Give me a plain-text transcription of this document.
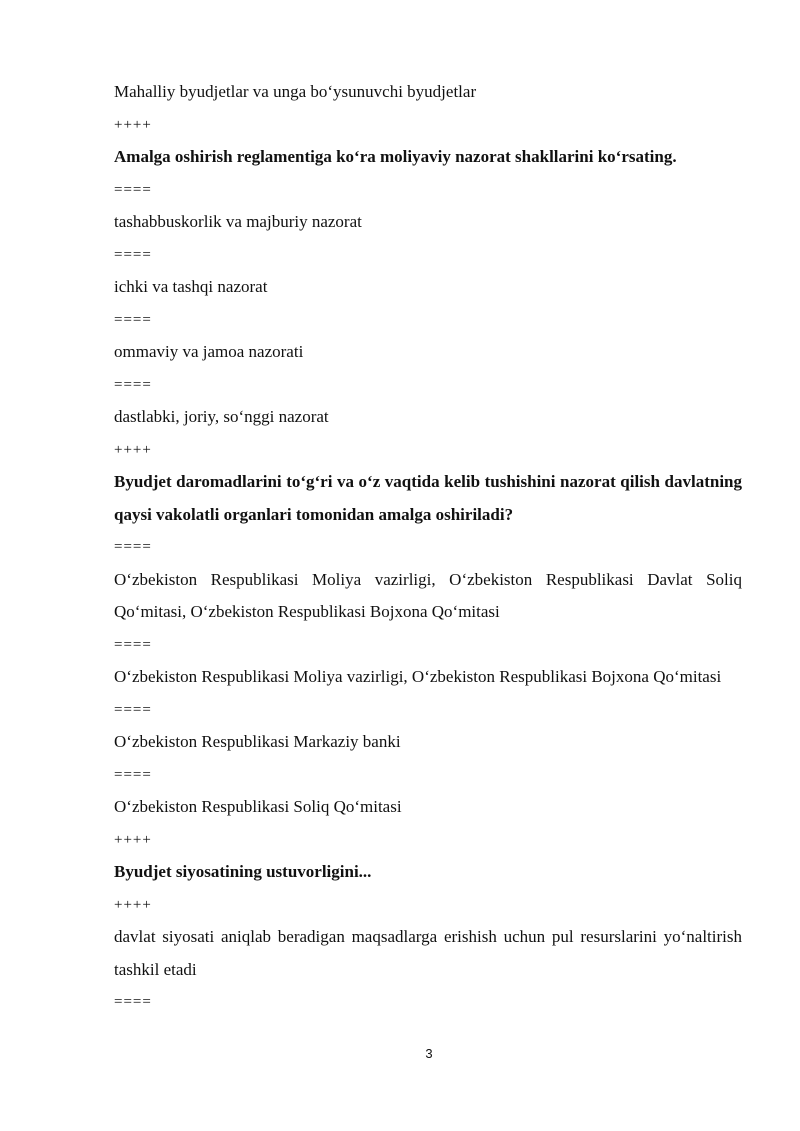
Mahalliy byudjetlar va unga bo‘ysunuvchi byudjetlar

++++

Amalga oshirish reglamentiga ko‘ra moliyaviy nazorat shakllarini ko‘rsating.

====

tashabbuskorlik va majburiy nazorat

====

ichki va tashqi nazorat

====

ommaviy va jamoa nazorati

====

dastlabki, joriy, so‘nggi nazorat

++++

Byudjet daromadlarini to‘g‘ri va o‘z vaqtida kelib tushishini nazorat qilish davlatning qaysi vakolatli organlari tomonidan amalga oshiriladi?

====

O‘zbekiston Respublikasi Moliya vazirligi, O‘zbekiston Respublikasi Davlat Soliq Qo‘mitasi, O‘zbekiston Respublikasi Bojxona Qo‘mitasi

====

O‘zbekiston Respublikasi Moliya vazirligi, O‘zbekiston Respublikasi Bojxona Qo‘mitasi

====

O‘zbekiston Respublikasi Markaziy banki

====

O‘zbekiston Respublikasi Soliq Qo‘mitasi

++++

Byudjet siyosatining ustuvorligini...

++++

davlat siyosati aniqlab beradigan maqsadlarga erishish uchun pul resurslarini yo‘naltirish tashkil etadi

====

3
